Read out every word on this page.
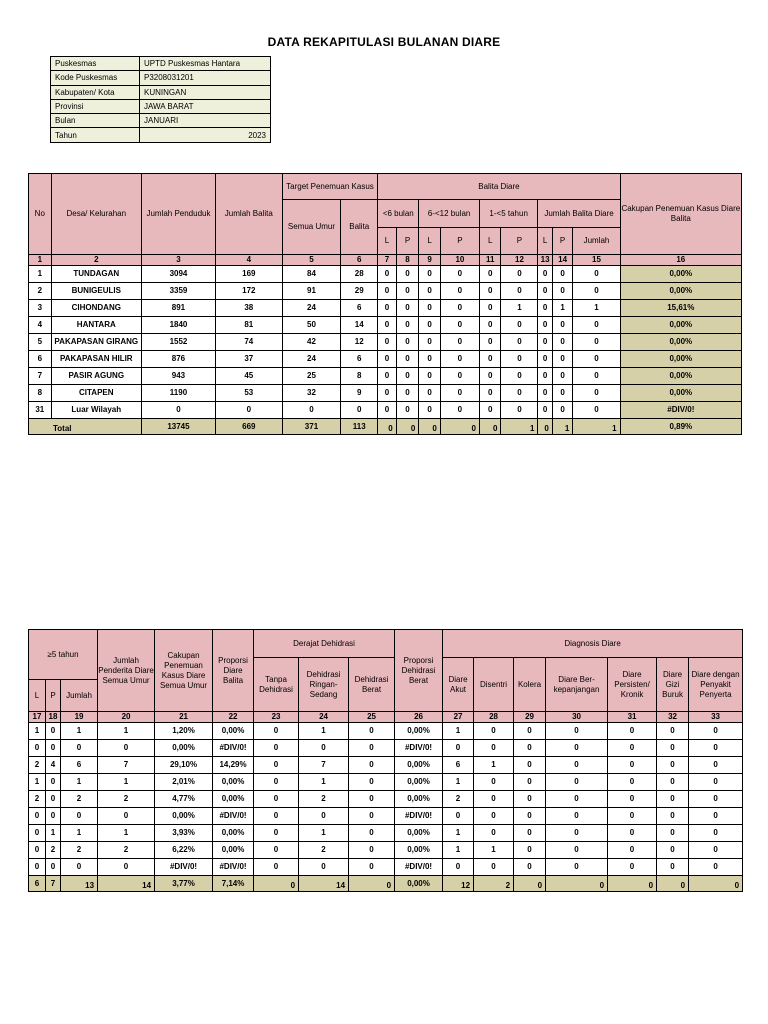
DATA REKAPITULASI BULANAN DIARE
Puskesmas	UPTD Puskesmas Hantara
Kode Puskesmas	P3208031201
Kabupaten/ Kota	KUNINGAN
Provinsi	JAWA BARAT
Bulan	JANUARI
Tahun	2023
No	Desa/ Kelurahan	Jumlah Penduduk	Jumlah Balita	Target Penemuan Kasus		Balita Diare									Cakupan Penemuan Kasus Diare Balita
				Semua Umur	Balita	<6 bulan		6-<12 bulan		1-<5 tahun		Jumlah Balita Diare			
						L	P	L	P	L	P	L	P	Jumlah	
1	2	3	4	5	6	7	8	9	10	11	12	13	14	15	16
1	TUNDAGAN	3094	169	84	28	0	0	0	0	0	0	0	0	0	0,00%
2	BUNIGEULIS	3359	172	91	29	0	0	0	0	0	0	0	0	0	0,00%
3	CIHONDANG	891	38	24	6	0	0	0	0	0	1	0	1	1	15,61%
4	HANTARA	1840	81	50	14	0	0	0	0	0	0	0	0	0	0,00%
5	PAKAPASAN GIRANG	1552	74	42	12	0	0	0	0	0	0	0	0	0	0,00%
6	PAKAPASAN HILIR	876	37	24	6	0	0	0	0	0	0	0	0	0	0,00%
7	PASIR AGUNG	943	45	25	8	0	0	0	0	0	0	0	0	0	0,00%
8	CITAPEN	1190	53	32	9	0	0	0	0	0	0	0	0	0	0,00%
31	Luar Wilayah	0	0	0	0	0	0	0	0	0	0	0	0	0	#DIV/0!
Total		13745	669	371	113	0	0	0	0	0	1	0	1	1	0,89%
≥5 tahun			Jumlah Penderita Diare Semua Umur	Cakupan Penemuan Kasus Diare Semua Umur	Proporsi Diare Balita	Derajat Dehidrasi			Proporsi Dehidrasi Berat	Diagnosis Diare						
						Tanpa Dehidrasi	Dehidrasi Ringan-Sedang	Dehidrasi Berat		Diare Akut	Disentri	Kolera	Diare Ber-kepanjangan	Diare Persisten/ Kronik	Diare Gizi Buruk	Diare dengan Penyakit Penyerta
L	P	Jumlah														
17	18	19	20	21	22	23	24	25	26	27	28	29	30	31	32	33
1	0	1	1	1,20%	0,00%	0	1	0	0,00%	1	0	0	0	0	0	0
0	0	0	0	0,00%	#DIV/0!	0	0	0	#DIV/0!	0	0	0	0	0	0	0
2	4	6	7	29,10%	14,29%	0	7	0	0,00%	6	1	0	0	0	0	0
1	0	1	1	2,01%	0,00%	0	1	0	0,00%	1	0	0	0	0	0	0
2	0	2	2	4,77%	0,00%	0	2	0	0,00%	2	0	0	0	0	0	0
0	0	0	0	0,00%	#DIV/0!	0	0	0	#DIV/0!	0	0	0	0	0	0	0
0	1	1	1	3,93%	0,00%	0	1	0	0,00%	1	0	0	0	0	0	0
0	2	2	2	6,22%	0,00%	0	2	0	0,00%	1	1	0	0	0	0	0
0	0	0	0	#DIV/0!	#DIV/0!	0	0	0	#DIV/0!	0	0	0	0	0	0	0
6	7	13	14	3,77%	7,14%	0	14	0	0,00%	12	2	0	0	0	0	0
